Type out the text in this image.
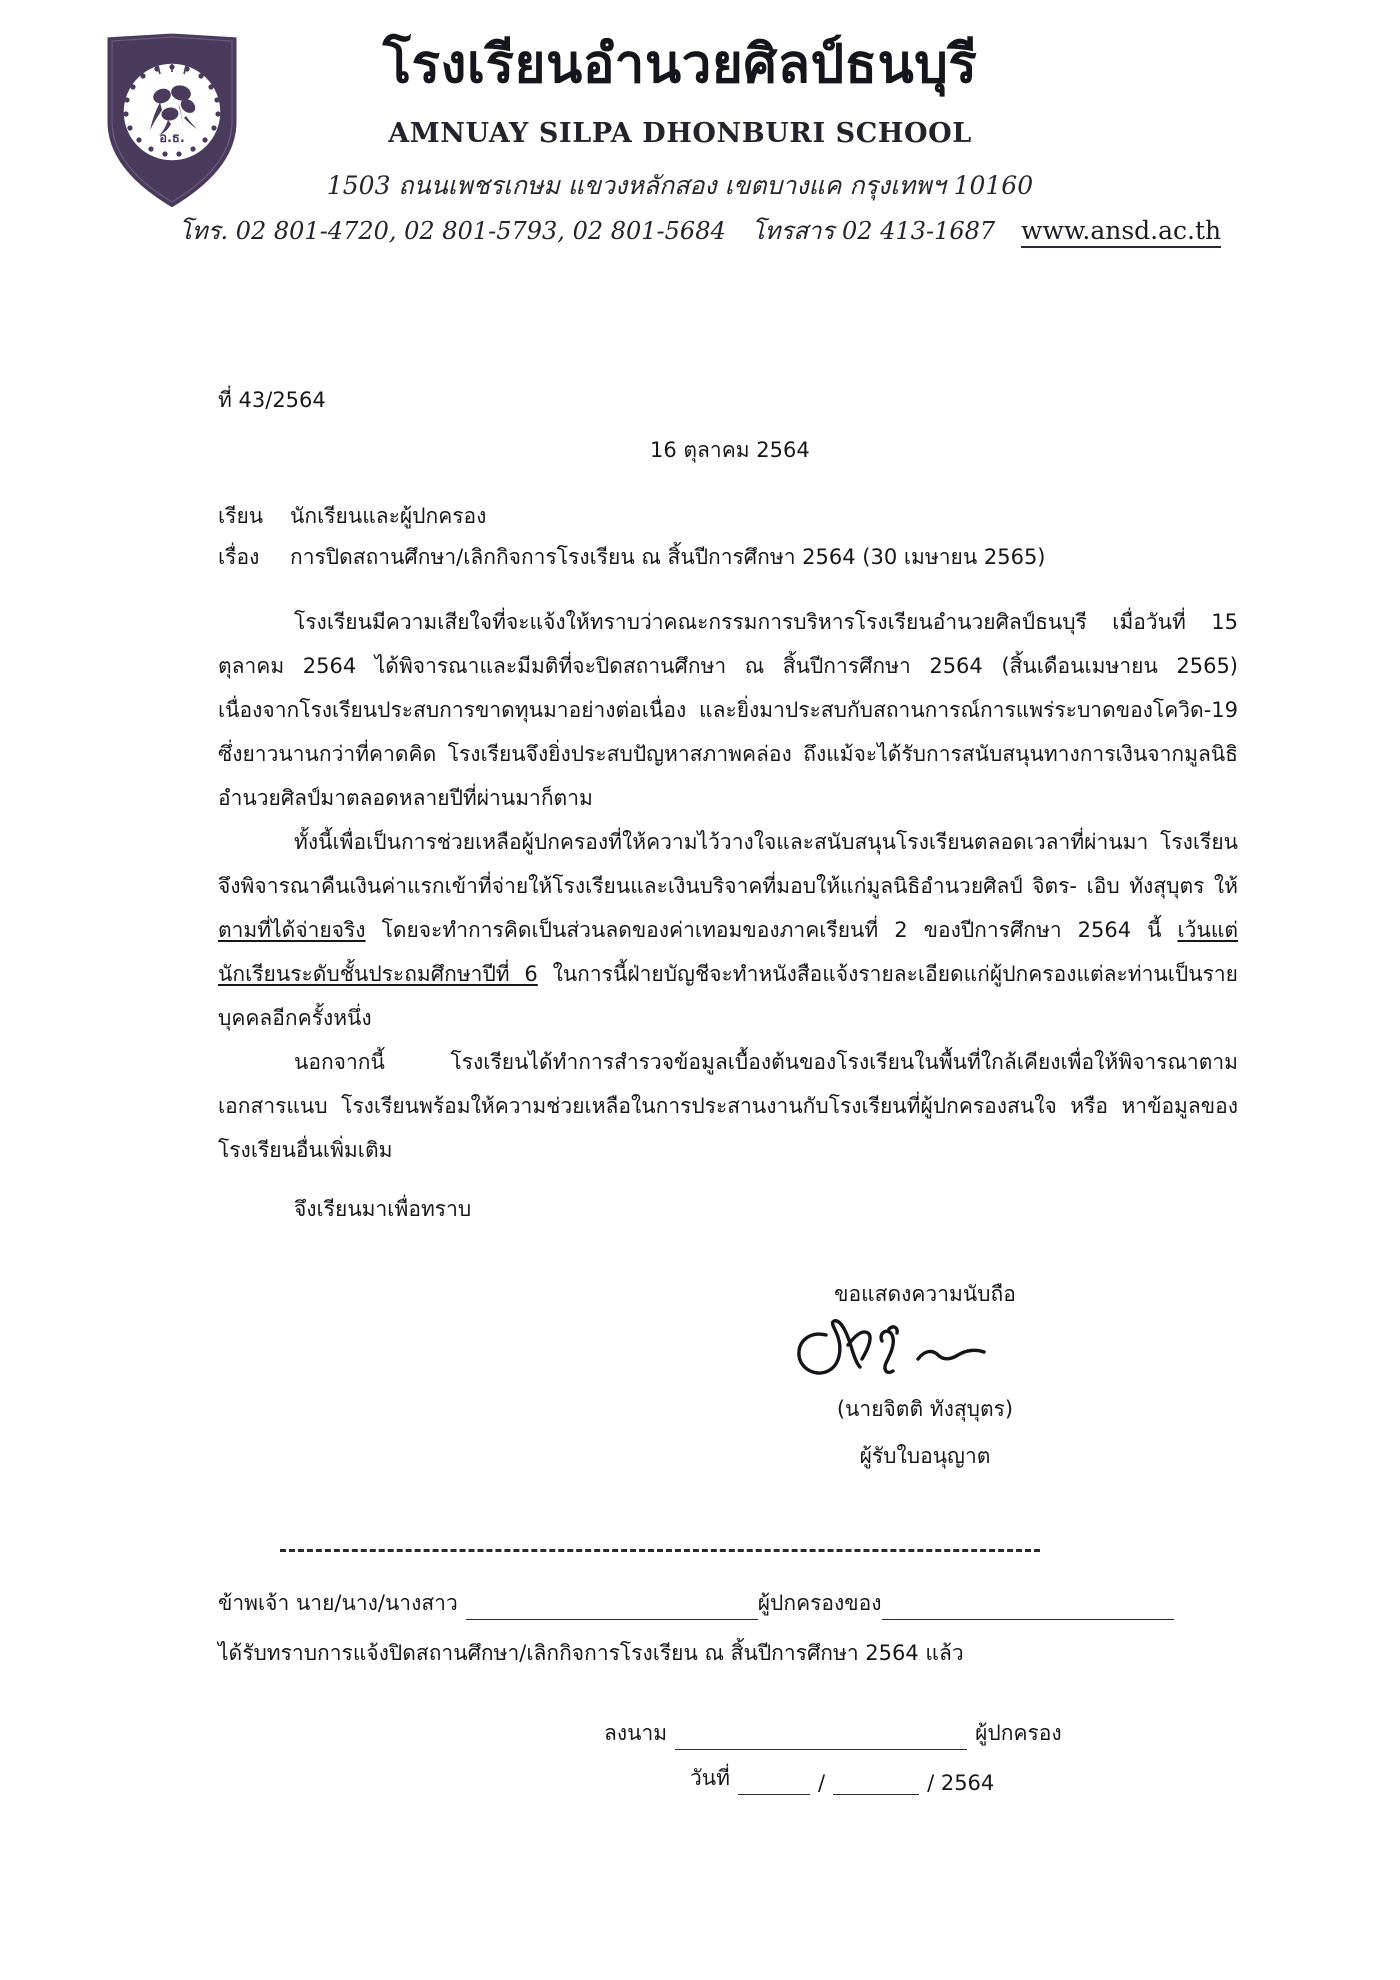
อ.ธ.
โรงเรียนอำนวยศิลป์ธนบุรี
AMNUAY SILPA DHONBURI SCHOOL
1503 ถนนเพชรเกษม แขวงหลักสอง เขตบางแค กรุงเทพฯ 10160
โทร. 02 801-4720, 02 801-5793, 02 801-5684 โทรสาร 02 413-1687 www.ansd.ac.th
ที่ 43/2564
16 ตุลาคม 2564
เรียน	นักเรียนและผู้ปกครอง
เรื่อง	การปิดสถานศึกษา/เลิกกิจการโรงเรียน ณ สิ้นปีการศึกษา 2564 (30 เมษายน 2565)

โรงเรียนมีความเสียใจที่จะแจ้งให้ทราบว่าคณะกรรมการบริหารโรงเรียนอำนวยศิลป์ธนบุรี เมื่อวันที่ 15 ตุลาคม 2564 ได้พิจารณาและมีมติที่จะปิดสถานศึกษา ณ สิ้นปีการศึกษา 2564 (สิ้นเดือนเมษายน 2565) เนื่องจากโรงเรียนประสบการขาดทุนมาอย่างต่อเนื่อง และยิ่งมาประสบกับสถานการณ์การแพร่ระบาดของโควิด-19 ซึ่งยาวนานกว่าที่คาดคิด โรงเรียนจึงยิ่งประสบปัญหาสภาพคล่อง ถึงแม้จะได้รับการสนับสนุนทางการเงินจากมูลนิธิอำนวยศิลป์มาตลอดหลายปีที่ผ่านมาก็ตาม

ทั้งนี้เพื่อเป็นการช่วยเหลือผู้ปกครองที่ให้ความไว้วางใจและสนับสนุนโรงเรียนตลอดเวลาที่ผ่านมา โรงเรียนจึงพิจารณาคืนเงินค่าแรกเข้าที่จ่ายให้โรงเรียนและเงินบริจาคที่มอบให้แก่มูลนิธิอำนวยศิลป์ จิตร- เอิบ ทังสุบุตร ให้ตามที่ได้จ่ายจริง โดยจะทำการคิดเป็นส่วนลดของค่าเทอมของภาคเรียนที่ 2 ของปีการศึกษา 2564 นี้ เว้นแต่นักเรียนระดับชั้นประถมศึกษาปีที่ 6 ในการนี้ฝ่ายบัญชีจะทำหนังสือแจ้งรายละเอียดแก่ผู้ปกครองแต่ละท่านเป็นรายบุคคลอีกครั้งหนึ่ง

นอกจากนี้ โรงเรียนได้ทำการสำรวจข้อมูลเบื้องต้นของโรงเรียนในพื้นที่ใกล้เคียงเพื่อให้พิจารณาตามเอกสารแนบ โรงเรียนพร้อมให้ความช่วยเหลือในการประสานงานกับโรงเรียนที่ผู้ปกครองสนใจ หรือ หาข้อมูลของโรงเรียนอื่นเพิ่มเติม

จึงเรียนมาเพื่อทราบ
ขอแสดงความนับถือ
(นายจิตติ ทังสุบุตร)
ผู้รับใบอนุญาต
ข้าพเจ้า นาย/นาง/นางสาว	ผู้ปกครองของ
ได้รับทราบการแจ้งปิดสถานศึกษา/เลิกกิจการโรงเรียน ณ สิ้นปีการศึกษา 2564 แล้ว
ลงนาม	ผู้ปกครอง
วันที่	/	/ 2564
